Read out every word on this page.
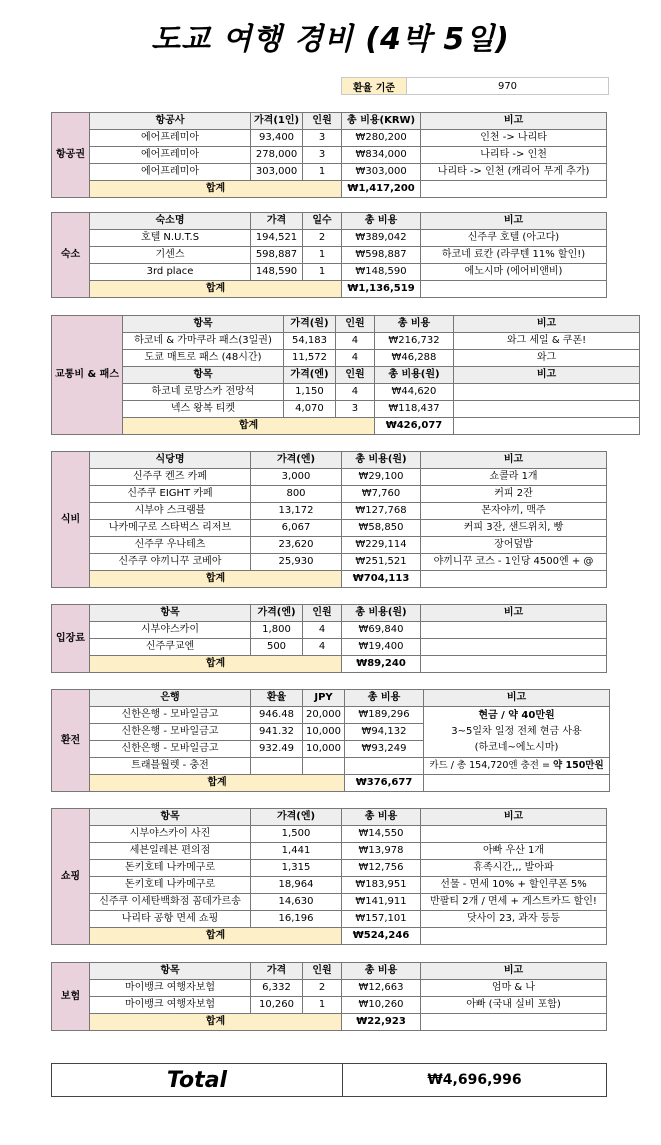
도교 여행 경비 (4박 5일)
환율 기준	970
항공권	항공사	가격(1인)	인원	총 비용(KRW)	비고
	에어프레미아	93,400	3	₩280,200	인천 -> 나리타
	에어프레미아	278,000	3	₩834,000	나리타 -> 인천
	에어프레미아	303,000	1	₩303,000	나리타 -> 인천 (캐리어 무게 추가)
	합계			₩1,417,200	
숙소	숙소명	가격	일수	총 비용	비고
	호텔 N.U.T.S	194,521	2	₩389,042	신주쿠 호텔 (아고다)
	기센스	598,887	1	₩598,887	하코네 료칸 (라쿠텐 11% 할인!)
	3rd place	148,590	1	₩148,590	에노시마 (에어비앤비)
	합계			₩1,136,519	
교통비 & 패스	항목	가격(원)	인원	총 비용	비고
	하코네 & 가마쿠라 패스(3일권)	54,183	4	₩216,732	와그 세일 & 쿠폰!
	도쿄 매트로 패스 (48시간)	11,572	4	₩46,288	와그
	항목	가격(엔)	인원	총 비용(원)	비고
	하코네 로망스카 전망석	1,150	4	₩44,620	
	넥스 왕복 티켓	4,070	3	₩118,437	
	합계			₩426,077	
식비	식당명	가격(엔)	총 비용(원)	비고
	신주쿠 켄즈 카페	3,000	₩29,100	쇼콜라 1개
	신주쿠 EIGHT 카페	800	₩7,760	커피 2잔
	시부야 스크램블	13,172	₩127,768	몬자야끼, 맥주
	나카메구로 스타벅스 리저브	6,067	₩58,850	커피 3잔, 샌드위치, 빵
	신주쿠 우나테츠	23,620	₩229,114	장어덮밥
	신주쿠 야끼니꾸 코베아	25,930	₩251,521	야끼니꾸 코스 - 1인당 4500엔 + @
	합계		₩704,113	
입장료	항목	가격(엔)	인원	총 비용(원)	비고
	시부야스카이	1,800	4	₩69,840	
	신주쿠교엔	500	4	₩19,400	
	합계			₩89,240	
환전	은행	환율	JPY	총 비용	비고
	신한은행 - 모바일금고	946.48	20,000	₩189,296	현금 / 약 40만원
3~5일차 일정 전체 현금 사용
(하코네~에노시마)

	신한은행 - 모바일금고	941.32	10,000	₩94,132	
	신한은행 - 모바일금고	932.49	10,000	₩93,249	
	트래블월렛 - 충전				카드 / 총 154,720엔 충전 = 약 150만원
	합계			₩376,677	
쇼핑	항목	가격(엔)	총 비용	비고
	시부야스카이 사진	1,500	₩14,550	
	세븐일레븐 편의점	1,441	₩13,978	아빠 우산 1개
	돈키호테 나카메구로	1,315	₩12,756	휴족시간,,, 발아파
	돈키호테 나카메구로	18,964	₩183,951	선물 - 면세 10% + 할인쿠폰 5%
	신주쿠 이세탄백화점 꼼데가르송	14,630	₩141,911	반팔티 2개 / 면세 + 게스트카드 할인!
	나리타 공항 면세 쇼핑	16,196	₩157,101	닷사이 23, 과자 등등
	합계		₩524,246	
보험	항목	가격	인원	총 비용	비고
	마이뱅크 여행자보험	6,332	2	₩12,663	엄마 & 나
	마이뱅크 여행자보험	10,260	1	₩10,260	아빠 (국내 실비 포함)
	합계			₩22,923	
Total	₩4,696,996
